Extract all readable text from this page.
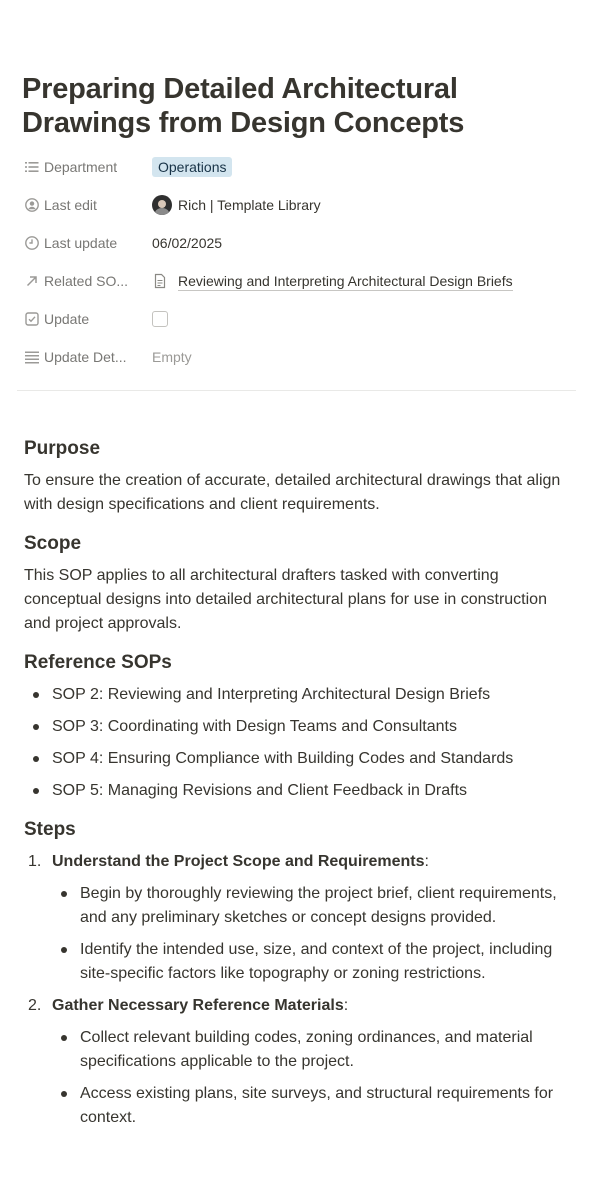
Preparing Detailed Architectural Drawings from Design Concepts
Department	Operations
Last edit	Rich | Template Library
Last update 06/02/2025
Related SO...	Reviewing and Interpreting Architectural Design Briefs
Update
Update Det... Empty
Purpose

To ensure the creation of accurate, detailed architectural drawings that align with design specifications and client requirements.

Scope

This SOP applies to all architectural drafters tasked with converting conceptual designs into detailed architectural plans for use in construction and project approvals.

Reference SOPs
SOP 2: Reviewing and Interpreting Architectural Design Briefs
SOP 3: Coordinating with Design Teams and Consultants
SOP 4: Ensuring Compliance with Building Codes and Standards
SOP 5: Managing Revisions and Client Feedback in Drafts
Steps
1. Understand the Project Scope and Requirements:
Begin by thoroughly reviewing the project brief, client requirements, and any preliminary sketches or concept designs provided.
Identify the intended use, size, and context of the project, including site-specific factors like topography or zoning restrictions.
2. Gather Necessary Reference Materials:
Collect relevant building codes, zoning ordinances, and material specifications applicable to the project.
Access existing plans, site surveys, and structural requirements for context.
